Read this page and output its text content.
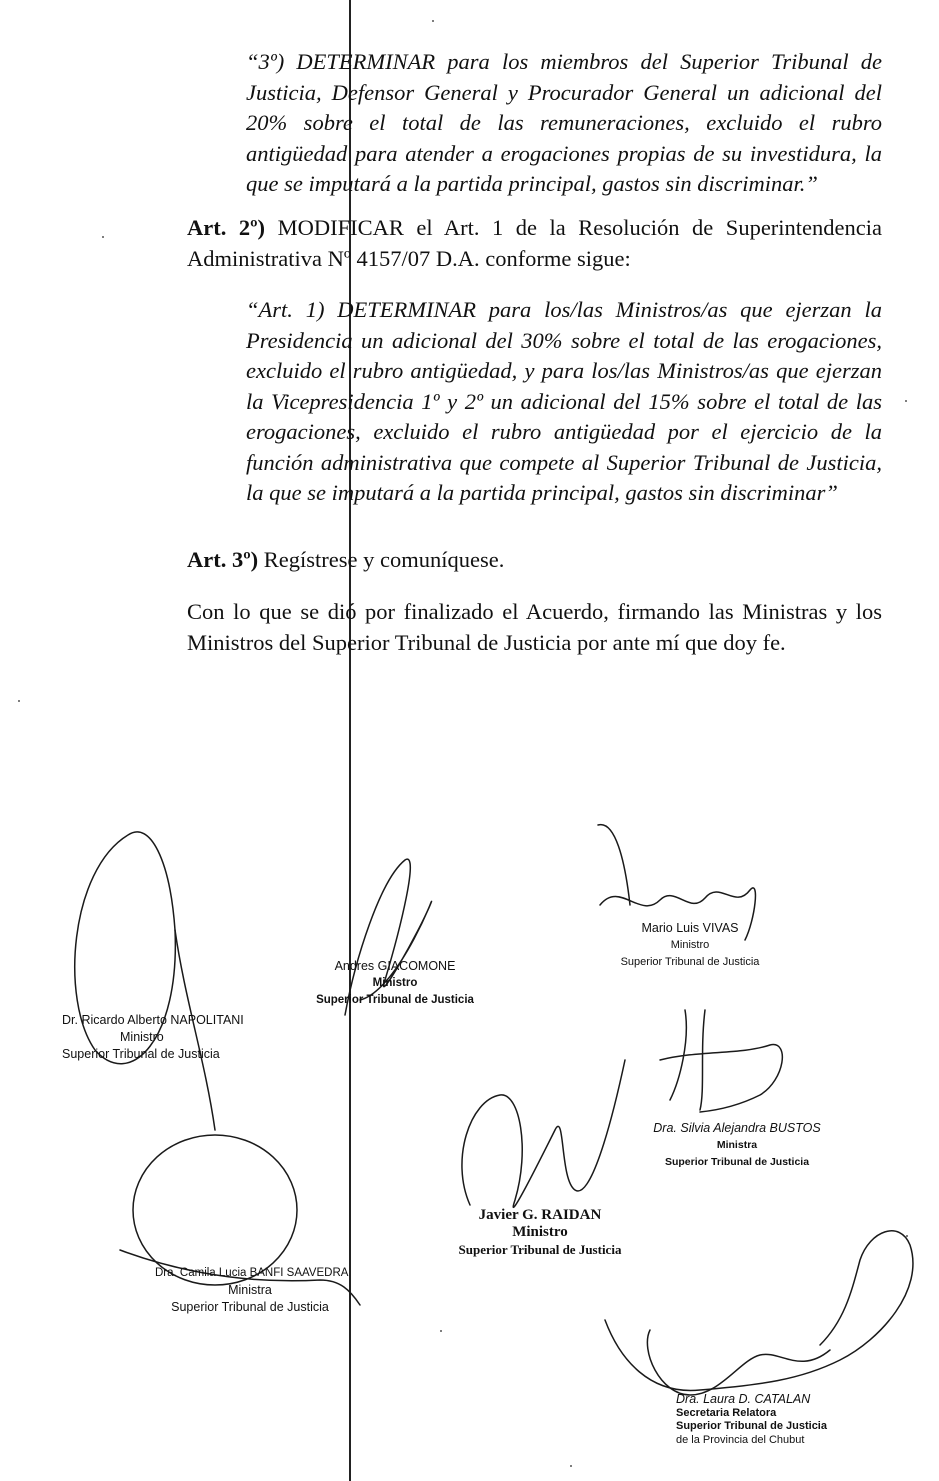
“3º) DETERMINAR para los miembros del Superior Tribunal de Justicia, Defensor General y Procurador General un adicional del 20% sobre el total de las remuneraciones, excluido el rubro antigüedad para atender a erogaciones propias de su investidura, la que se imputará a la partida principal, gastos sin discriminar.”

Art. 2º) MODIFICAR el Art. 1 de la Resolución de Superintendencia Administrativa Nº 4157/07 D.A. conforme sigue:

“Art. 1) DETERMINAR para los/las Ministros/as que ejerzan la Presidencia un adicional del 30% sobre el total de las erogaciones, excluido el rubro antigüedad, y para los/las Ministros/as que ejerzan la Vicepresidencia 1º y 2º un adicional del 15% sobre el total de las erogaciones, excluido el rubro antigüedad por el ejercicio de la función administrativa que compete al Superior Tribunal de Justicia, la que se imputará a la partida principal, gastos sin discriminar”

Art. 3º) Regístrese y comuníquese.

Con lo que se dió por finalizado el Acuerdo, firmando las Ministras y los Ministros del Superior Tribunal de Justicia por ante mí que doy fe.

Dr. Ricardo Alberto NAPOLITANI
Ministro
Superior Tribunal de Justicia
Andres GIACOMONE
Ministro
Superior Tribunal de Justicia
Mario Luis VIVAS
Ministro
Superior Tribunal de Justicia
Dra. Silvia Alejandra BUSTOS
Ministra
Superior Tribunal de Justicia
Javier G. RAIDAN
Ministro
Superior Tribunal de Justicia
Dra. Camila Lucia BANFI SAAVEDRA
Ministra
Superior Tribunal de Justicia
Dra. Laura D. CATALAN
Secretaria Relatora
Superior Tribunal de Justicia
de la Provincia del Chubut
